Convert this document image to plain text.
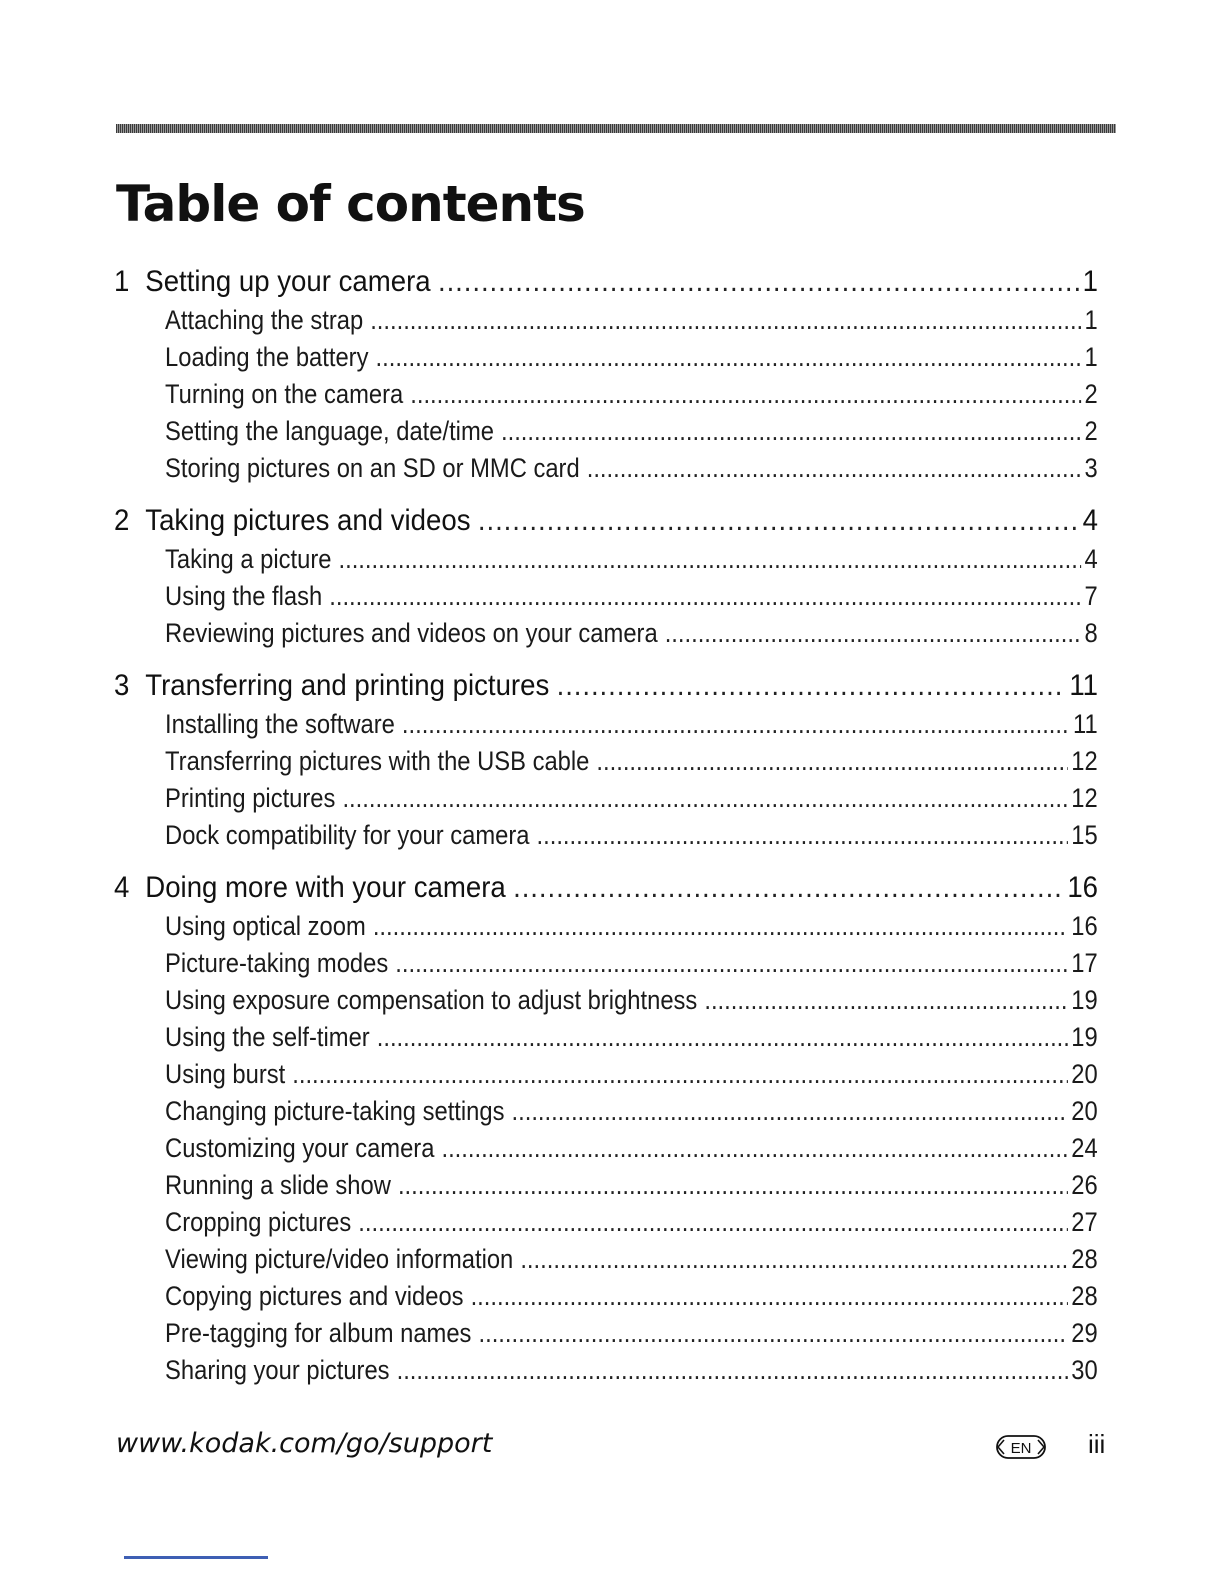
Table of contents
1 Setting up your camera .....	1
Attaching the strap .....	1
Loading the battery .....	1
Turning on the camera .....	2
Setting the language, date/time .....	2
Storing pictures on an SD or MMC card .....	3
2 Taking pictures and videos .....	4
Taking a picture .....	4
Using the flash .....	7
Reviewing pictures and videos on your camera .....	8
3 Transferring and printing pictures .....	11
Installing the software .....	11
Transferring pictures with the USB cable .....	12
Printing pictures .....	12
Dock compatibility for your camera .....	15
4 Doing more with your camera .....	16
Using optical zoom .....	16
Picture-taking modes .....	17
Using exposure compensation to adjust brightness .....	19
Using the self-timer .....	19
Using burst .....	20
Changing picture-taking settings .....	20
Customizing your camera .....	24
Running a slide show .....	26
Cropping pictures .....	27
Viewing picture/video information .....	28
Copying pictures and videos .....	28
Pre-tagging for album names .....	29
Sharing your pictures .....	30
www.kodak.com/go/support	EN iii
